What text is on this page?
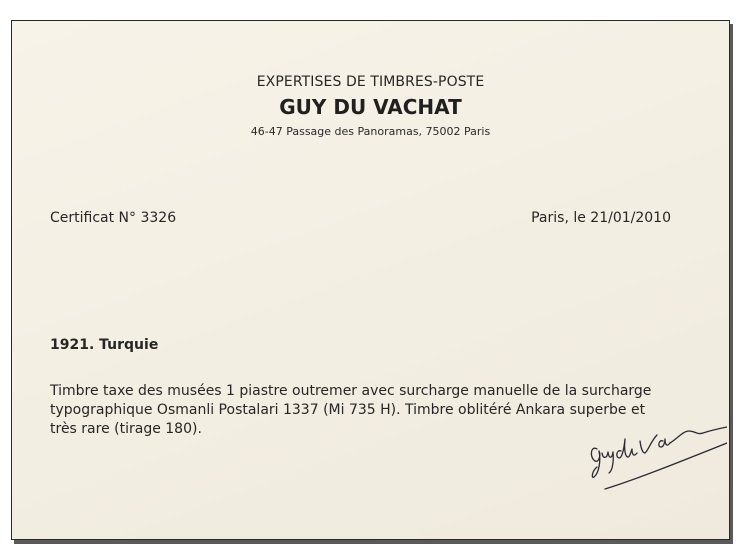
EXPERTISES DE TIMBRES-POSTE
GUY DU VACHAT
46-47 Passage des Panoramas, 75002 Paris
Certificat N° 3326	Paris, le 21/01/2010
1921. Turquie
Timbre taxe des musées 1 piastre outremer avec surcharge manuelle de la surcharge
typographique Osmanli Postalari 1337 (Mi 735 H). Timbre oblitéré Ankara superbe et
très rare (tirage 180).
